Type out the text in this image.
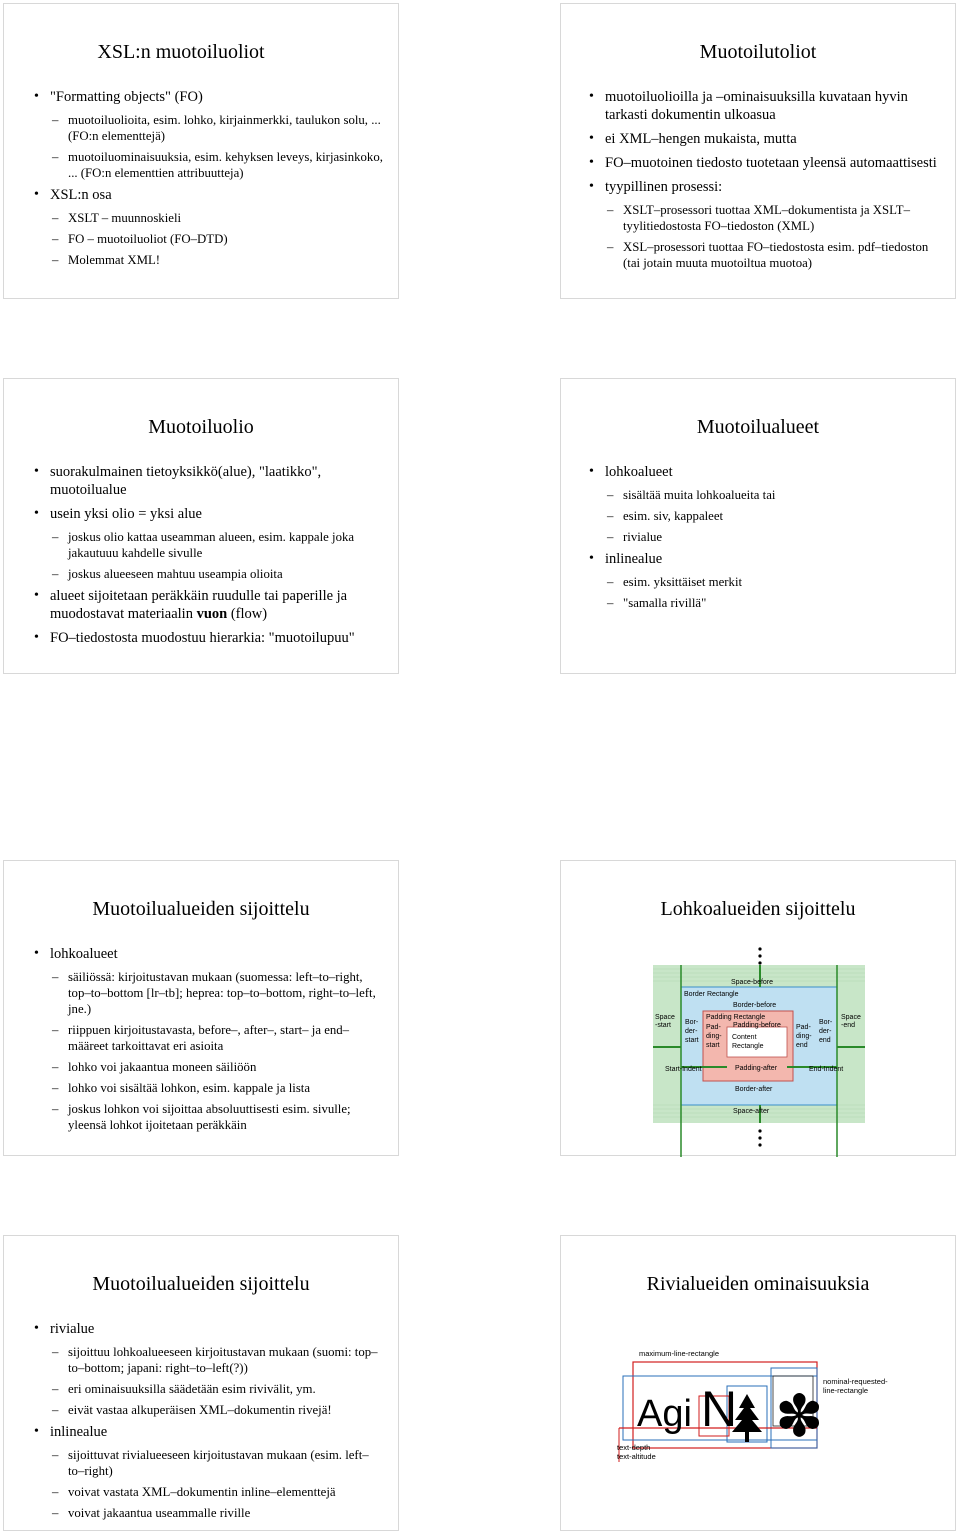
XSL:n muotoiluoliot
• "Formatting objects" (FO)
– muotoiluolioita, esim. lohko, kirjainmerkki, taulukon solu, ... (FO:n elementtejä)
– muotoiluominaisuuksia, esim. kehyksen leveys, kirjasinkoko, ... (FO:n elementtien attribuutteja)
• XSL:n osa
– XSLT – muunnoskieli
– FO – muotoiluoliot (FO–DTD)
– Molemmat XML!
Muotoilutoliot
• muotoiluolioilla ja –ominaisuuksilla kuvataan hyvin tarkasti dokumentin ulkoasua
• ei XML–hengen mukaista, mutta
• FO–muotoinen tiedosto tuotetaan yleensä automaattisesti
• tyypillinen prosessi:
– XSLT–prosessori tuottaa XML–dokumentista ja XSLT–tyylitiedostosta FO–tiedoston (XML)
– XSL–prosessori tuottaa FO–tiedostosta esim. pdf–tiedoston (tai jotain muuta muotoiltua muotoa)
Muotoiluolio
• suorakulmainen tietoyksikkö(alue), "laatikko", muotoilualue
• usein yksi olio = yksi alue
– joskus olio kattaa useamman alueen, esim. kappale joka jakautuuu kahdelle sivulle
– joskus alueeseen mahtuu useampia olioita
• alueet sijoitetaan peräkkäin ruudulle tai paperille ja muodostavat materiaalin vuon (flow)
• FO–tiedostosta muodostuu hierarkia: "muotoilupuu"
Muotoilualueet
• lohkoalueet
– sisältää muita lohkoalueita tai
– esim. siv, kappaleet
– rivialue
• inlinealue
– esim. yksittäiset merkit
– "samalla rivillä"
Muotoilualueiden sijoittelu
• lohkoalueet
– säiliössä: kirjoitustavan mukaan (suomessa: left–to–right, top–to–bottom [lr–tb]; heprea: top–to–bottom, right–to–left, jne.)
– riippuen kirjoitustavasta, before–, after–, start– ja end–määreet tarkoittavat eri asioita
– lohko voi jakaantua moneen säiliöön
– lohko voi sisältää lohkon, esim. kappale ja lista
– joskus lohkon voi sijoittaa absoluuttisesti esim. sivulle; yleensä lohkot ijoitetaan peräkkäin
Lohkoalueiden sijoittelu
Space-before
Border Rectangle
Border-before
Padding Rectangle
Padding-before
Space
-start Bor-
der-
start
Pad-
ding-
start
Content
Rectangle
Pad-
ding-
end
Bor-
der-
end
Space
-end
Start-Indent	End-Indent
Padding-after
Border-after
Space-after
Muotoilualueiden sijoittelu
• rivialue
– sijoittuu lohkoalueeseen kirjoitustavan mukaan (suomi: top–to–bottom; japani: right–to–left(?))
– eri ominaisuuksilla säädetään esim rivivälit, ym.
– eivät vastaa alkuperäisen XML–dokumentin rivejä!
• inlinealue
– sijoittuvat rivialueeseen kirjoitustavan mukaan (esim. left–to–right)
– voivat vastata XML–dokumentin inline–elementtejä
– voivat jakaantua useammalle riville
Rivialueiden ominaisuuksia
maximum-line-rectangle
nominal-requested-
line-rectangle
Agi N ✽
text-depth
text-altitude
